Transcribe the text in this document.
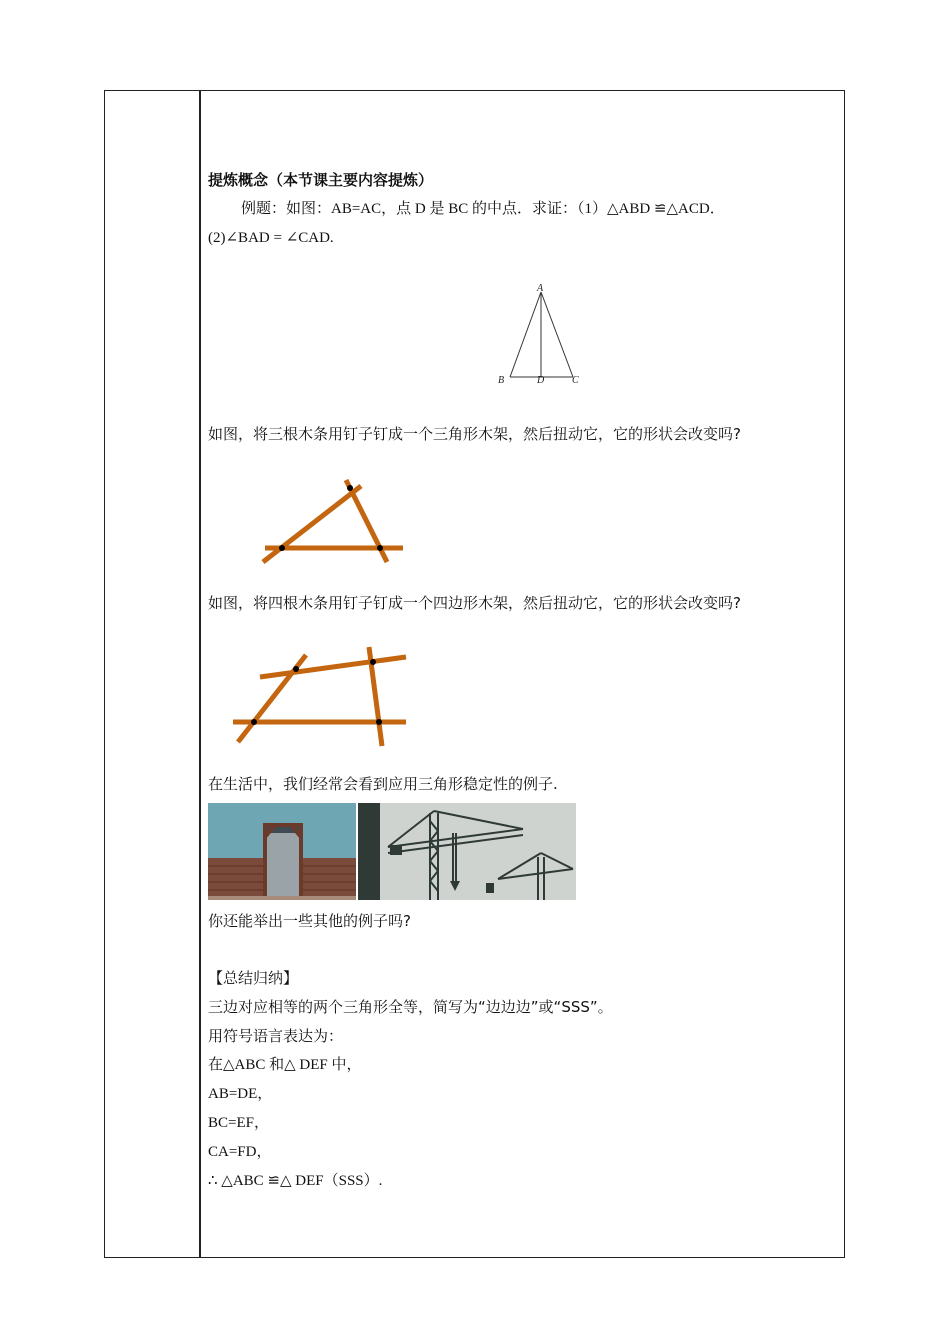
提炼概念（本节课主要内容提炼）
例题：如图：AB=AC，点 D 是 BC 的中点．求证：（1）△ABD ≌△ACD．
(2)∠BAD = ∠CAD.
A
B	D	C
如图，将三根木条用钉子钉成一个三角形木架，然后扭动它，它的形状会改变吗?
如图，将四根木条用钉子钉成一个四边形木架，然后扭动它，它的形状会改变吗?
在生活中，我们经常会看到应用三角形稳定性的例子.
你还能举出一些其他的例子吗?
【总结归纳】
三边对应相等的两个三角形全等，简写为“边边边”或“SSS”。
用符号语言表达为：
在△ABC 和△ DEF 中，
AB=DE，
BC=EF，
CA=FD，
∴ △ABC ≌△ DEF（SSS）.
